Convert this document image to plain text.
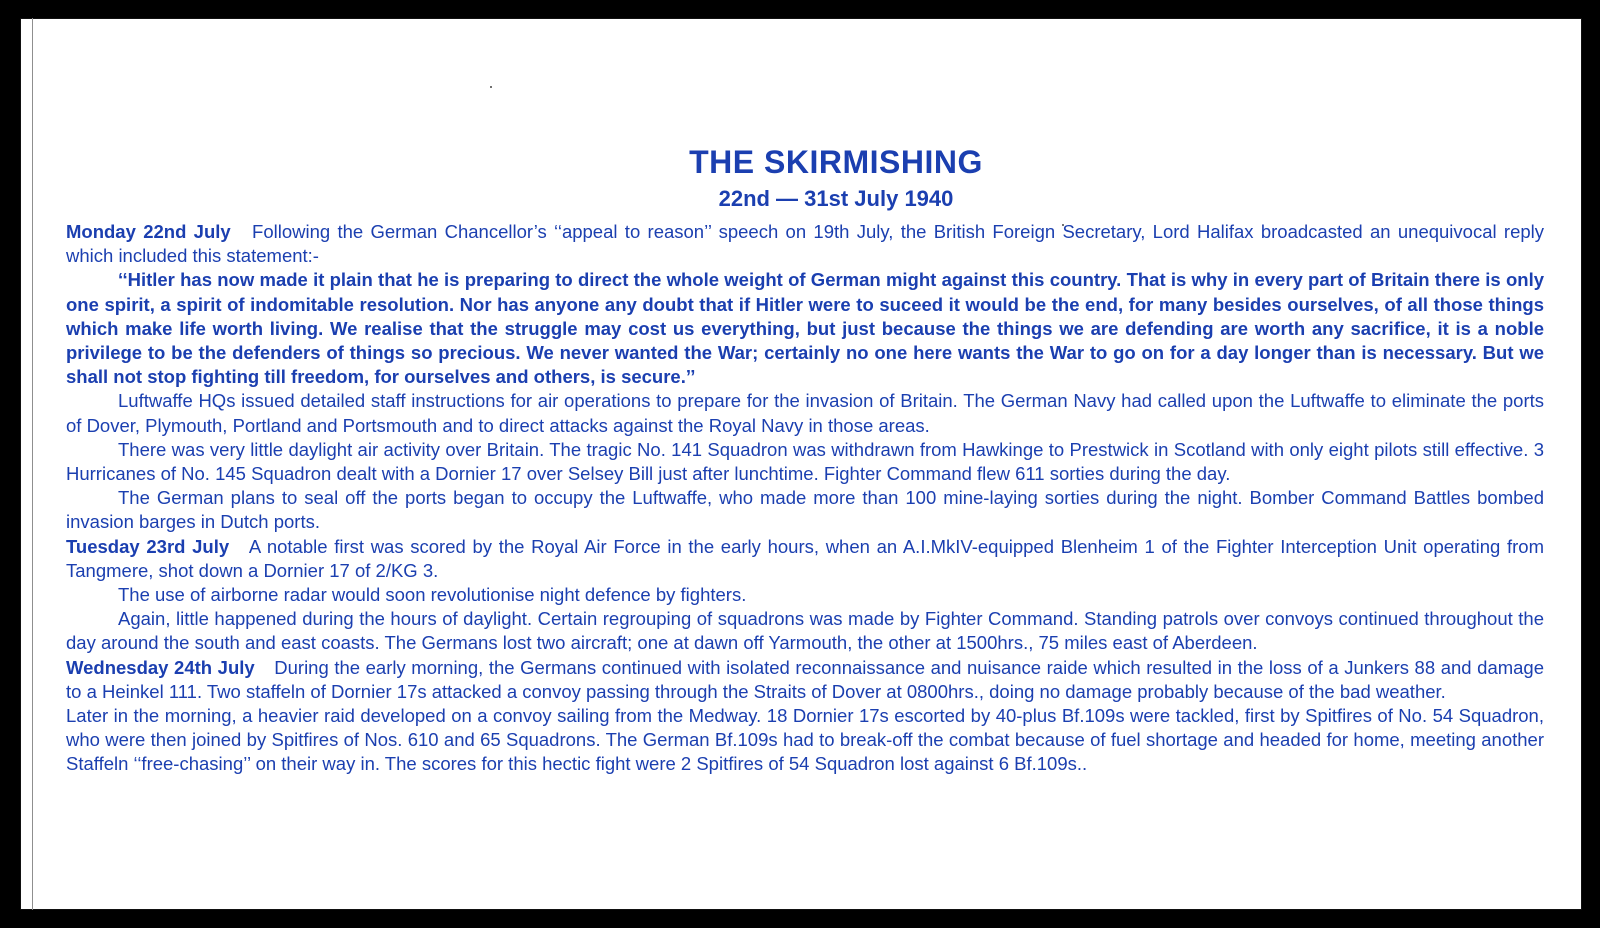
THE SKIRMISHING
22nd — 31st July 1940

Monday 22nd July Following the German Chancellor’s ‘‘appeal to reason’’ speech on 19th July, the British Foreign Secretary, Lord Halifax broadcasted an unequivocal reply which included this statement:-

‘‘Hitler has now made it plain that he is preparing to direct the whole weight of German might against this country. That is why in every part of Britain there is only one spirit, a spirit of indomitable resolution. Nor has anyone any doubt that if Hitler were to suceed it would be the end, for many besides ourselves, of all those things which make life worth living. We realise that the struggle may cost us everything, but just because the things we are defending are worth any sacrifice, it is a noble privilege to be the defenders of things so precious. We never wanted the War; certainly no one here wants the War to go on for a day longer than is necessary. But we shall not stop fighting till freedom, for ourselves and others, is secure.’’

Luftwaffe HQs issued detailed staff instructions for air operations to prepare for the invasion of Britain. The German Navy had called upon the Luftwaffe to eliminate the ports of Dover, Plymouth, Portland and Portsmouth and to direct attacks against the Royal Navy in those areas.

There was very little daylight air activity over Britain. The tragic No. 141 Squadron was withdrawn from Hawkinge to Prestwick in Scotland with only eight pilots still effective. 3 Hurricanes of No. 145 Squadron dealt with a Dornier 17 over Selsey Bill just after lunchtime. Fighter Command flew 611 sorties during the day.

The German plans to seal off the ports began to occupy the Luftwaffe, who made more than 100 mine-laying sorties during the night. Bomber Command Battles bombed invasion barges in Dutch ports.

Tuesday 23rd July A notable first was scored by the Royal Air Force in the early hours, when an A.I.MkIV-equipped Blenheim 1 of the Fighter Interception Unit operating from Tangmere, shot down a Dornier 17 of 2/KG 3.

The use of airborne radar would soon revolutionise night defence by fighters.

Again, little happened during the hours of daylight. Certain regrouping of squadrons was made by Fighter Command. Standing patrols over convoys continued throughout the day around the south and east coasts. The Germans lost two aircraft; one at dawn off Yarmouth, the other at 1500hrs., 75 miles east of Aberdeen.

Wednesday 24th July During the early morning, the Germans continued with isolated reconnaissance and nuisance raide which resulted in the loss of a Junkers 88 and damage to a Heinkel 111. Two staffeln of Dornier 17s attacked a convoy passing through the Straits of Dover at 0800hrs., doing no damage probably because of the bad weather.

Later in the morning, a heavier raid developed on a convoy sailing from the Medway. 18 Dornier 17s escorted by 40-plus Bf.109s were tackled, first by Spitfires of No. 54 Squadron, who were then joined by Spitfires of Nos. 610 and 65 Squadrons. The German Bf.109s had to break-off the combat because of fuel shortage and headed for home, meeting another Staffeln ‘‘free-chasing’’ on their way in. The scores for this hectic fight were 2 Spitfires of 54 Squadron lost against 6 Bf.109s..
